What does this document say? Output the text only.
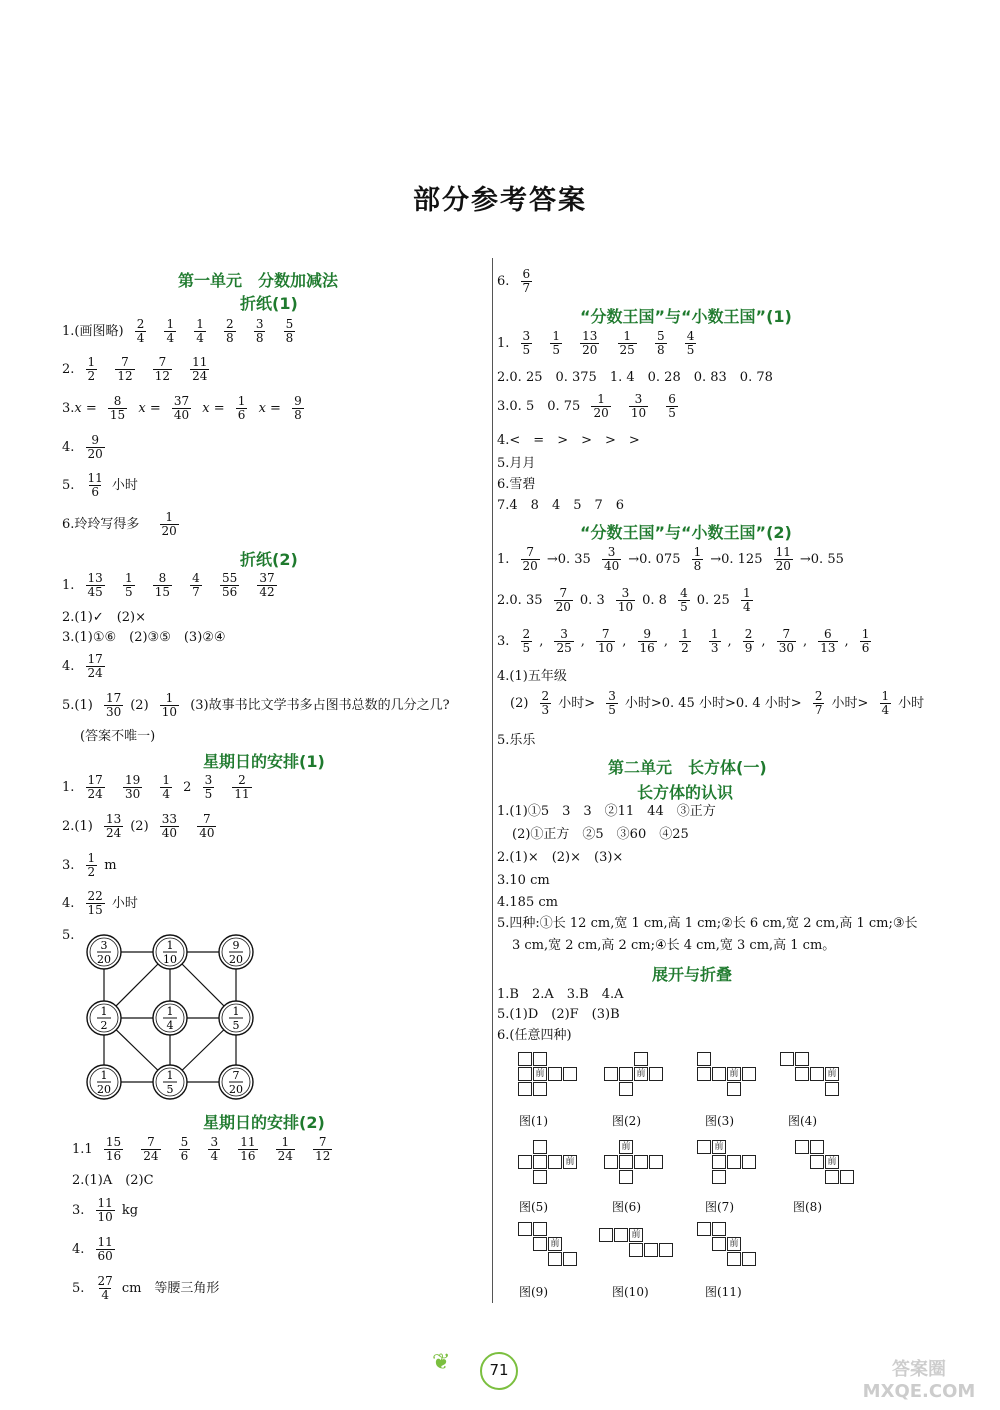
部分参考答案
第一单元　分数加减法
折纸(1)
1.(画图略) $\frac{2}{4}$
$\frac{1}{4}$
$\frac{1}{4}$
$\frac{2}{8}$
$\frac{3}{8}$
$\frac{5}{8}$
2. $\frac{1}{2}$
$\frac{7}{12}$
$\frac{7}{12}$
$\frac{11}{24}$
$3.x = \frac{8}{15}$ $x = \frac{37}{40}$ $x = \frac{1}{6}$ $x = \frac{9}{8}$
4. $\frac{9}{20}$
5. $\frac{11}{6}$ 小时
6.玲玲写得多 $\frac{1}{20}$
折纸(2)
1. $\frac{13}{45}$
$\frac{1}{5}$
$\frac{8}{15}$
$\frac{4}{7}$
$\frac{55}{56}$
$\frac{37}{42}$
2.(1)✓　(2)×
3.(1)①⑥　(2)③⑤　(3)②④
4. $\frac{17}{24}$
$5.(1) \frac{17}{30} (2) \frac{1}{10} (3)$故事书比文学书多占图书总数的几分之几?
(答案不唯一)
星期日的安排(1)
1. $\frac{17}{24}$
$\frac{19}{30}$
$\frac{1}{4} 2 \frac{3}{5}$
$\frac{2}{11}$
$2.(1) \frac{13}{24} (2) \frac{33}{40}$
$\frac{7}{40}$
3. $\frac{1}{2}$ m
4. $\frac{22}{15}$ 小时
5.
3
20
1
10
9
20
1
2
1
4
1
5
1
20
1
5
7
20
星期日的安排(2)
$1.1 \frac{15}{16}$
$\frac{7}{24}$
$\frac{5}{6}$
$\frac{3}{4}$
$\frac{11}{16}$
$\frac{1}{24}$
$\frac{7}{12}$
2.(1)A　(2)C
3. $\frac{11}{10}$ kg
4. $\frac{11}{60}$
5. $\frac{27}{4}$ cm　等腰三角形
6. $\frac{6}{7}$
“分数王国”与“小数王国”(1)
1. $\frac{3}{5}$
$\frac{1}{5}$
$\frac{13}{20}$
$\frac{1}{25}$
$\frac{5}{8}$
$\frac{4}{5}$
2.0. 25　0. 375　1. 4　0. 28　0. 83　0. 78
3.0. 5　0. $75 \frac{1}{20}$
$\frac{3}{10}$
$\frac{6}{5}$
4.<　=　>　>　>　>
5.月月
6.雪碧
7.4　8　4　5　7　6
“分数王国”与“小数王国”(2)
1. $\frac{7}{20} \to 0$. $35 \frac{3}{40} \to 0$. $075 \frac{1}{8} \to 0$. $125 \frac{11}{20} \to 0$. 55
2.0. $35 \frac{7}{20} 0$. $3 \frac{3}{10} 0$. $8 \frac{4}{5} 0$. $25 \frac{1}{4}$
3. $\frac{2}{5}$ , $\frac{3}{25}$ , $\frac{7}{10}$ , $\frac{9}{16}$ , $\frac{1}{2}$
$\frac{1}{3}$ , $\frac{2}{9}$ , $\frac{7}{30}$ , $\frac{6}{13}$ , $\frac{1}{6}$
4.(1)五年级
$(2) \frac{2}{3}$ 小时> $\frac{3}{5}$ 小时>0. 45 小时>0. 4 小时> $\frac{2}{7}$ 小时> $\frac{1}{4}$ 小时
5.乐乐
第二单元　长方体(一)
长方体的认识
1.(1)①5　3　3　②11　44　③正方
(2)①正方　②5　③60　④25
2.(1)×　(2)×　(3)×
3.10 cm
4.185 cm
5.四种:①长 12 cm,宽 1 cm,高 1 cm;②长 6 cm,宽 2 cm,高 1 cm;③长
3 cm,宽 2 cm,高 2 cm;④长 4 cm,宽 3 cm,高 1 cm。
展开与折叠
1.B　2.A　3.B　4.A
5.(1)D　(2)F　(3)B
6.(任意四种)
前
图(1)
前
图(2)
前
图(3)
前
图(4)
前
图(5)
前
图(6)
前
图(7)
前
图(8)
前
图(9)
前
图(10)
前
图(11)
❦	71	答案圈 MXQE.COM
